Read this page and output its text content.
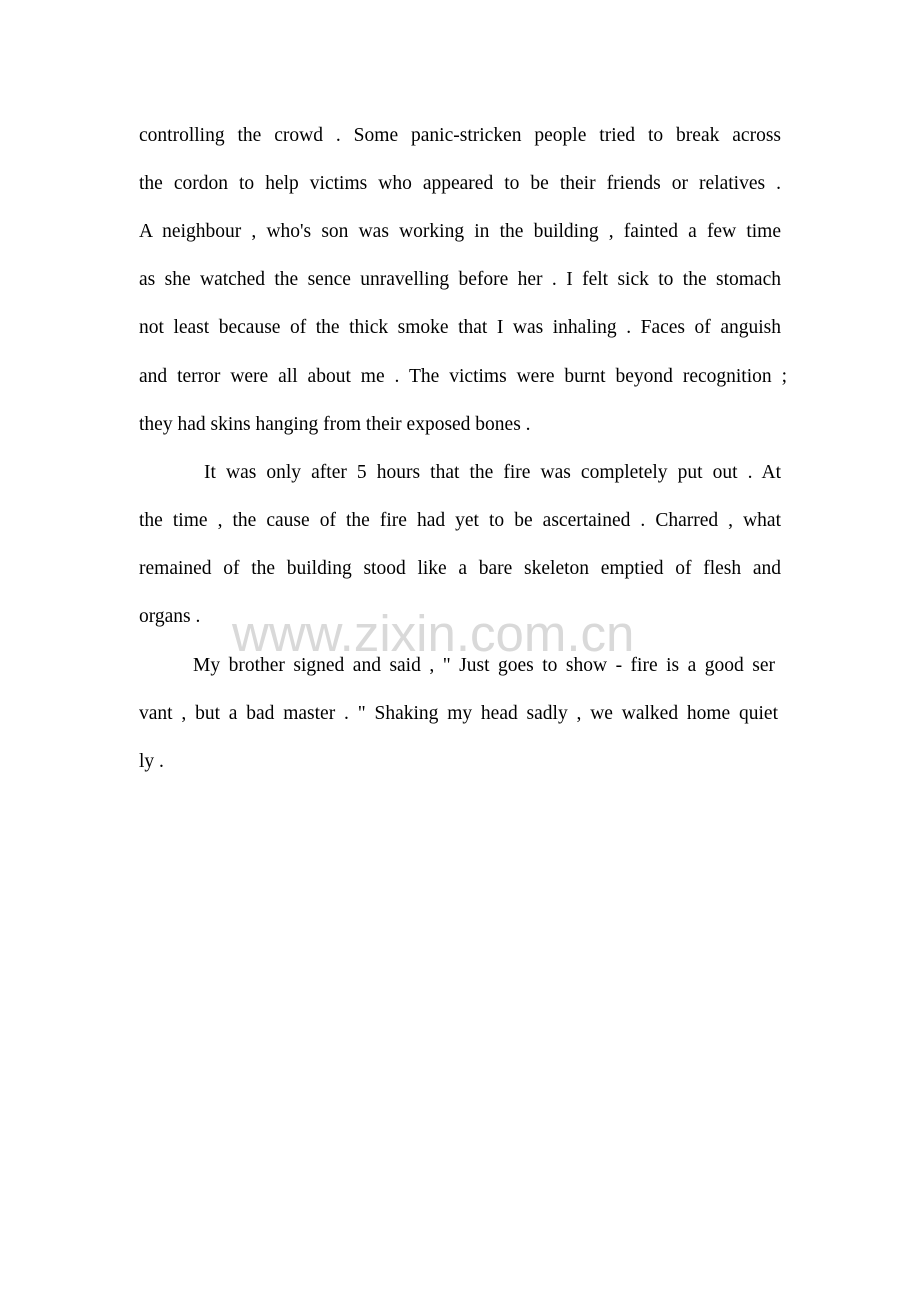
www.zixin.com.cn
controlling the crowd . Some panic-stricken people tried to break across
the cordon to help victims who appeared to be their friends or relatives .
A neighbour , who's son was working in the building , fainted a few time
as she watched the sence unravelling before her . I felt sick to the stomach
not least because of the thick smoke that I was inhaling . Faces of anguish
and terror were all about me . The victims were burnt beyond recognition ;
they had skins hanging from their exposed bones .
It was only after 5 hours that the fire was completely put out . At
the time , the cause of the fire had yet to be ascertained . Charred , what
remained of the building stood like a bare skeleton emptied of flesh and
organs .
My brother signed and said , " Just goes to show - fire is a good ser
vant , but a bad master . " Shaking my head sadly , we walked home quiet
ly .
